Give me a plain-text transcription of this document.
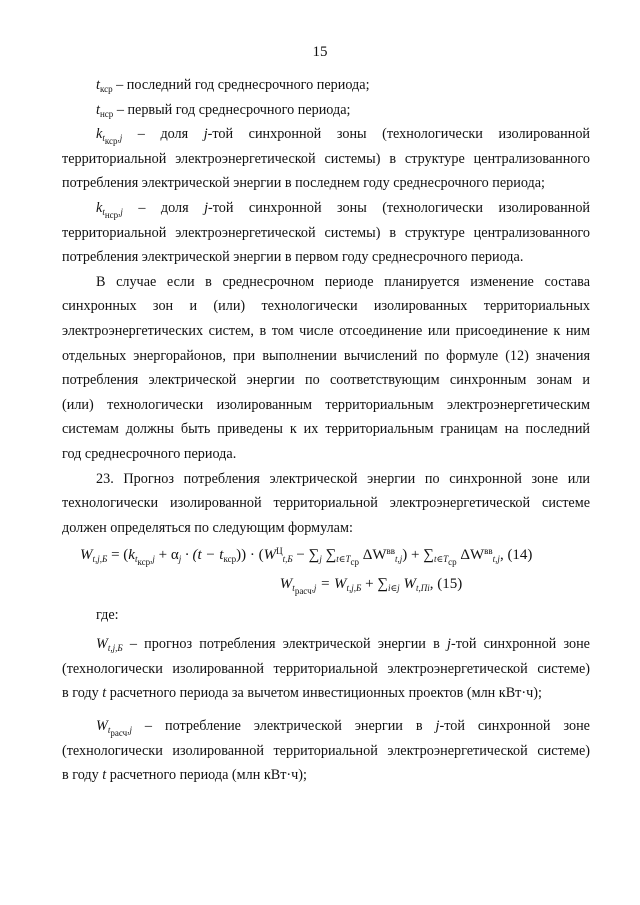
15
$t_{кср}$ – последний год среднесрочного периода;
$t_{нср}$ – первый год среднесрочного периода;
$k_{t_{кср},j}$ – доля j-той синхронной зоны (технологически изолированной
территориальной электроэнергетической системы) в структуре централизованного
потребления электрической энергии в последнем году среднесрочного периода;
$k_{t_{нср},j}$ – доля j-той синхронной зоны (технологически изолированной
территориальной электроэнергетической системы) в структуре централизованного
потребления электрической энергии в первом году среднесрочного периода.
В случае если в среднесрочном периоде планируется изменение состава
синхронных зон и (или) технологически изолированных территориальных
электроэнергетических систем, в том числе отсоединение или присоединение к ним
отдельных энергорайонов, при выполнении вычислений по формуле (12) значения
потребления электрической энергии по соответствующим синхронным зонам и
(или) технологически изолированным территориальным электроэнергетическим
системам должны быть приведены к их территориальным границам на последний
год среднесрочного периода.
23. Прогноз потребления электрической энергии по синхронной зоне или
технологически изолированной территориальной электроэнергетической системе
должен определяться по следующим формулам:
$W_{t,j,Б} = (k_{t_{кср},j} + \alpha_j \cdot (t - t_{кср})) \cdot (W^Ц_{t,Б} - \sum_j$ $\sum_{t\in T_{ср}}$ $\Delta W^{вв}_{t,j}) + \sum_{t\in T_{ср}}$ $\Delta W^{вв}_{t,j}$, (14)
$W_{t_{расч},j} = W_{t,j,Б} + \sum_{i\in j}$ $W_{t,Пi}$, (15)
где:
$W_{t,j,Б}$ – прогноз потребления электрической энергии в j-той синхронной зоне
(технологически изолированной территориальной электроэнергетической системе)
в году t расчетного периода за вычетом инвестиционных проектов (млн кВт·ч);
$W_{t_{расч},j}$ – потребление электрической энергии в j-той синхронной зоне
(технологически изолированной территориальной электроэнергетической системе)
в году t расчетного периода (млн кВт·ч);
